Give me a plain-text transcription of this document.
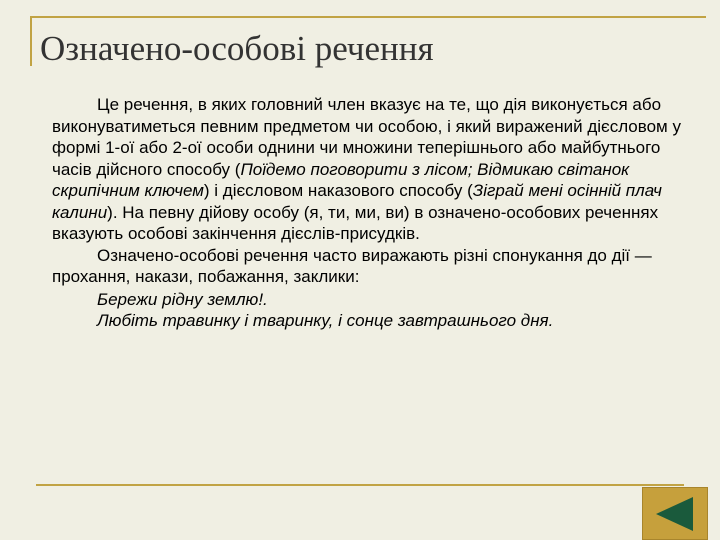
Означено-особові речення

Це речення, в яких головний член вказує на те, що дія виконується або виконуватиметься певним предметом чи особою, і який виражений дієсловом у формі 1-ої або 2-ої особи однини чи множини теперішнього або майбутнього часів дійсного способу (Поїдемо поговорити з лісом; Відмикаю світанок скрипічним ключем) і дієсловом наказового способу (Зіграй мені осінній плач калини). На певну дійову особу (я, ти, ми, ви) в означено-особових реченнях вказують особові закінчення дієслів-присудків.

Означено-особові речення часто виражають різні спонукання до дії — прохання, накази, побажання, заклики:

Бережи рідну землю!.

Любіть травинку і тваринку, і сонце завтрашнього дня.
